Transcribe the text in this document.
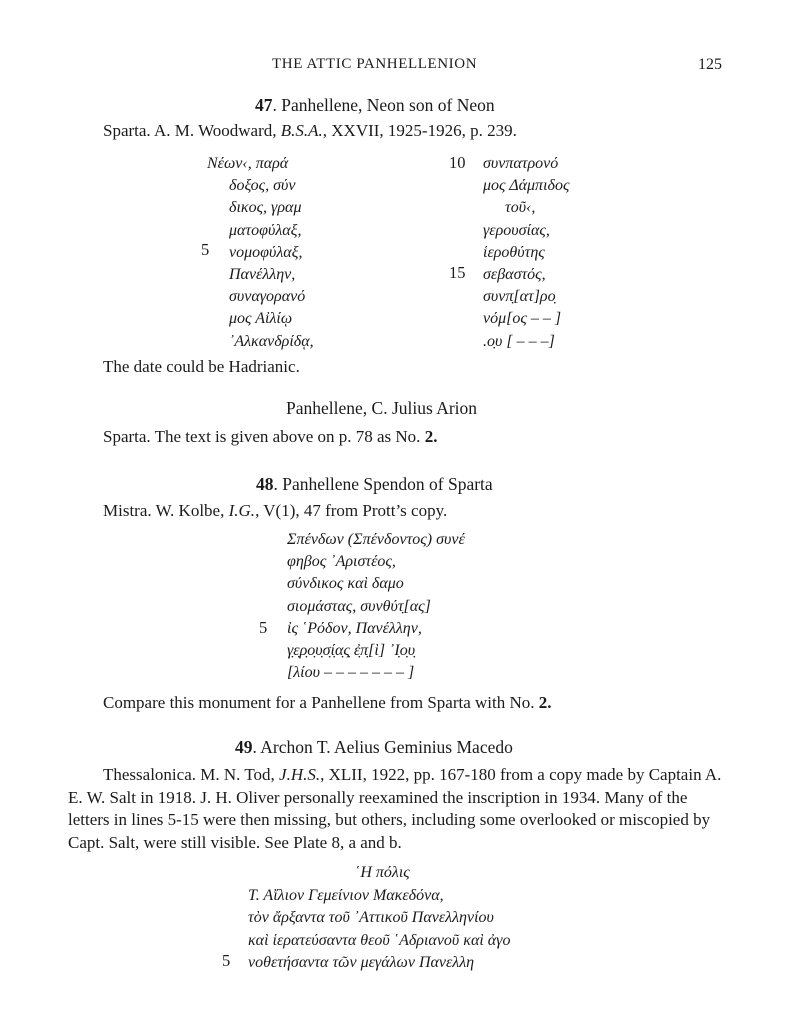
THE ATTIC PANHELLENION	125
47. Panhellene, Neon son of Neon
Sparta. A. M. Woodward, B.S.A., XXVII, 1925-1926, p. 239.
Νέων‹, παρά
δοξος, σύν
δικος, γραμ
ματοφύλαξ,
νομοφύλαξ,
Πανέλλην,
συναγορανό
μος Αἰλίῳ
᾿Αλκανδρίδᾳ,
5
συνπατρονό
μος Δάμπιδος
τοῦ‹,
γερουσίας,
ἱεροθύτης
σεβαστός,
συνπ̣[ατ]ρο̣
νόμ[ος – – ]
.ο̣υ [ – – –]
10
15
The date could be Hadrianic.
Panhellene, C. Julius Arion
Sparta. The text is given above on p. 78 as No. 2.
48. Panhellene Spendon of Sparta
Mistra. W. Kolbe, I.G., V(1), 47 from Prott’s copy.
Σπένδων (Σπένδοντος) συνέ
φηβος ᾿Αριστέος,
σύνδικος καὶ δαμο
σιομάστας, συνθύτ̣[ας]
ἰς ῾Ρόδον, Πανέλλην,
γ̣ε̣ρ̣ο̣υ̣σ̣ί̣α̣ς̣ ἐ̣π̣[ὶ] ᾿Ι̣ο̣υ̣
[λίου – – – – – – – ]
5
Compare this monument for a Panhellene from Sparta with No. 2.
49. Archon T. Aelius Geminius Macedo
Thessalonica. M. N. Tod, J.H.S., XLII, 1922, pp. 167-180 from a copy made by Captain A. E. W. Salt in 1918. J. H. Oliver personally reexamined the inscription in 1934. Many of the letters in lines 5-15 were then missing, but others, including some overlooked or miscopied by Capt. Salt, were still visible. See Plate 8, a and b.
῾Η πόλις
Τ. Αἴλιον Γεμείνιον Μακεδόνα,
τὸν ἄρξαντα τοῦ ᾿Αττικοῦ Πανελληνίου
καὶ ἱερατεύσαντα θεοῦ ῾Αδριανοῦ καὶ ἀγο
νοθετήσαντα τῶν μεγάλων Πανελλη
5
